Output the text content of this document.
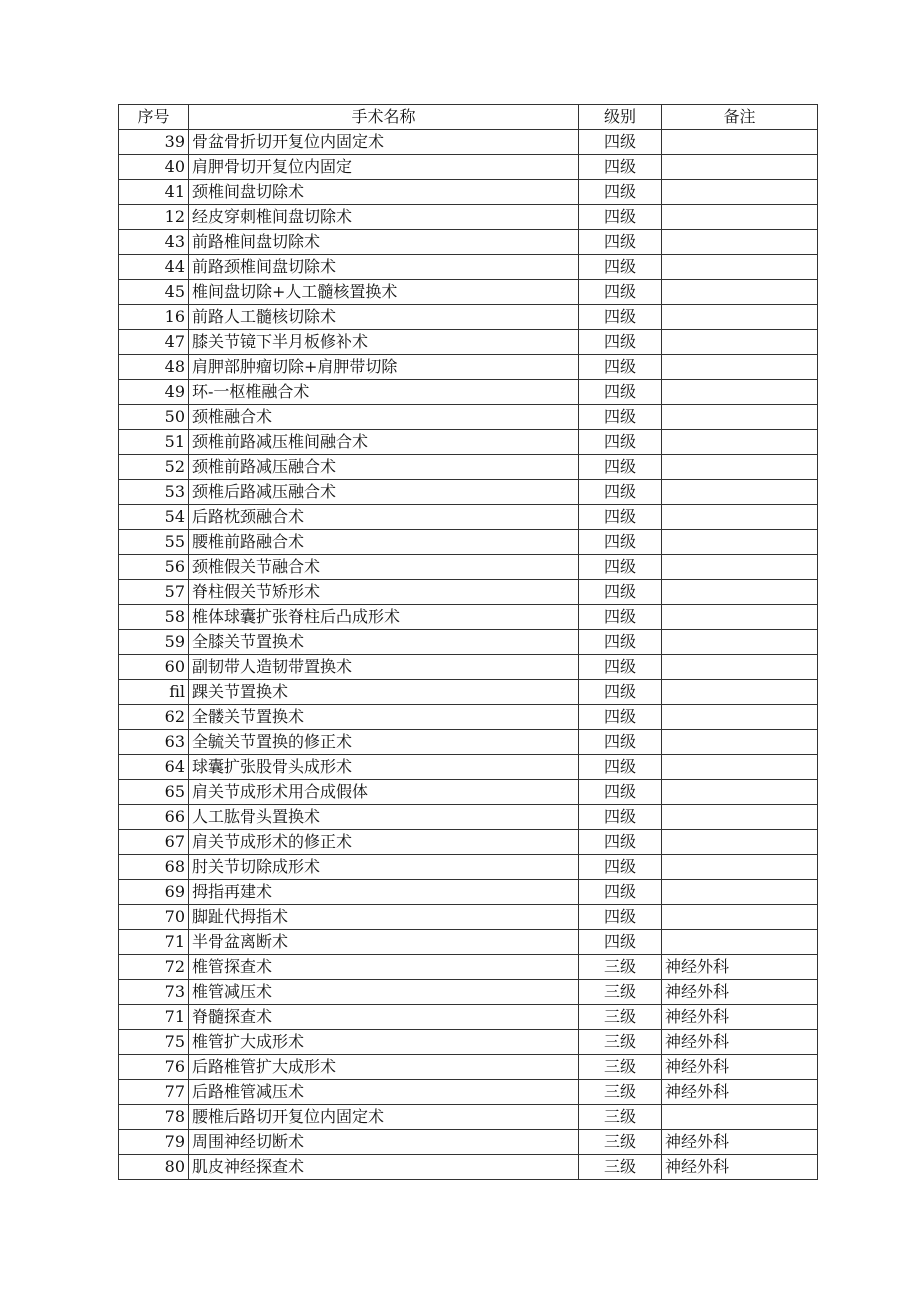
序号	手术名称	级别	备注
39	骨盆骨折切开复位内固定术	四级	
40	肩胛骨切开复位内固定	四级	
41	颈椎间盘切除术	四级	
12	经皮穿刺椎间盘切除术	四级	
43	前路椎间盘切除术	四级	
44	前路颈椎间盘切除术	四级	
45	椎间盘切除+人工髓核置换术	四级	
16	前路人工髓核切除术	四级	
47	膝关节镜下半月板修补术	四级	
48	肩胛部肿瘤切除+肩胛带切除	四级	
49	环-一枢椎融合术	四级	
50	颈椎融合术	四级	
51	颈椎前路减压椎间融合术	四级	
52	颈椎前路减压融合术	四级	
53	颈椎后路减压融合术	四级	
54	后路枕颈融合术	四级	
55	腰椎前路融合术	四级	
56	颈椎假关节融合术	四级	
57	脊柱假关节矫形术	四级	
58	椎体球囊扩张脊柱后凸成形术	四级	
59	全膝关节置换术	四级	
60	副韧带人造韧带置换术	四级	
fil	踝关节置换术	四级	
62	全髅关节置换术	四级	
63	全毓关节置换的修正术	四级	
64	球囊扩张股骨头成形术	四级	
65	肩关节成形术用合成假体	四级	
66	人工肱骨头置换术	四级	
67	肩关节成形术的修正术	四级	
68	肘关节切除成形术	四级	
69	拇指再建术	四级	
70	脚趾代拇指术	四级	
71	半骨盆离断术	四级	
72	椎管探查术	三级	神经外科
73	椎管减压术	三级	神经外科
71	脊髓探查术	三级	神经外科
75	椎管扩大成形术	三级	神经外科
76	后路椎管扩大成形术	三级	神经外科
77	后路椎管减压术	三级	神经外科
78	腰椎后路切开复位内固定术	三级	
79	周围神经切断术	三级	神经外科
80	肌皮神经探查术	三级	神经外科
